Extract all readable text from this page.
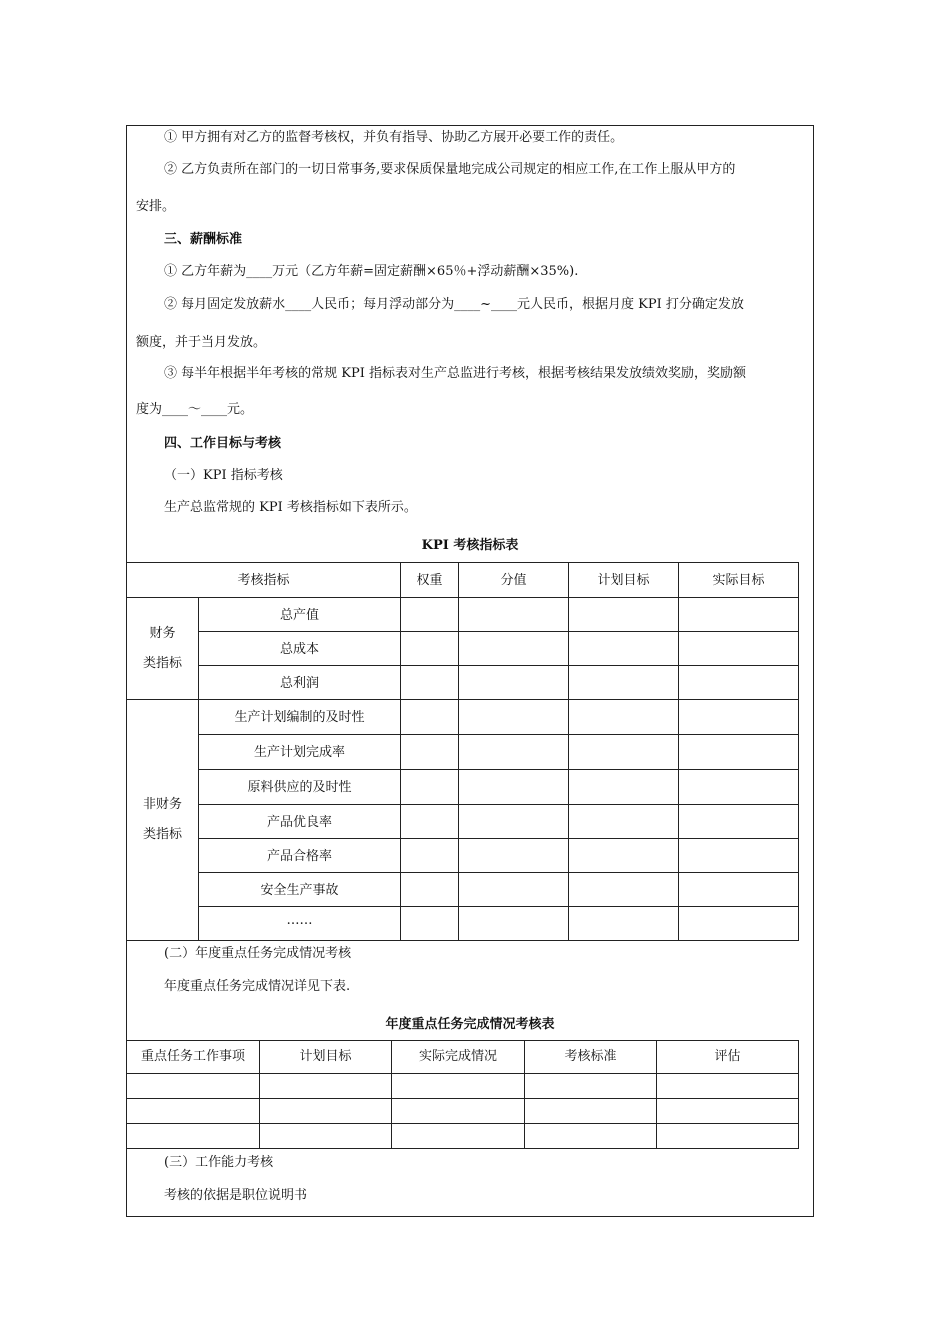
① 甲方拥有对乙方的监督考核权，并负有指导、协助乙方展开必要工作的责任。
② 乙方负责所在部门的一切日常事务,要求保质保量地完成公司规定的相应工作,在工作上服从甲方的
安排。
三、薪酬标准
① 乙方年薪为____万元（乙方年薪=固定薪酬×65％+浮动薪酬×35%).
② 每月固定发放薪水____人民币；每月浮动部分为____~____元人民币，根据月度 KPI 打分确定发放
额度，并于当月发放。
③ 每半年根据半年考核的常规 KPI 指标表对生产总监进行考核，根据考核结果发放绩效奖励，奖励额
度为____～____元。
四、工作目标与考核
（一）KPI 指标考核
生产总监常规的 KPI 考核指标如下表所示。
KPI 考核指标表
考核指标		权重	分值	计划目标	实际目标

财务
类指标	总产值				
	总成本				
	总利润				

非财务
类指标	生产计划编制的及时性				
	生产计划完成率				
	原料供应的及时性				
	产品优良率				
	产品合格率				
	安全生产事故				
	……				
(二）年度重点任务完成情况考核
年度重点任务完成情况详见下表.
年度重点任务完成情况考核表
重点任务工作事项	计划目标	实际完成情况	考核标准	评估

(三）工作能力考核
考核的依据是职位说明书
